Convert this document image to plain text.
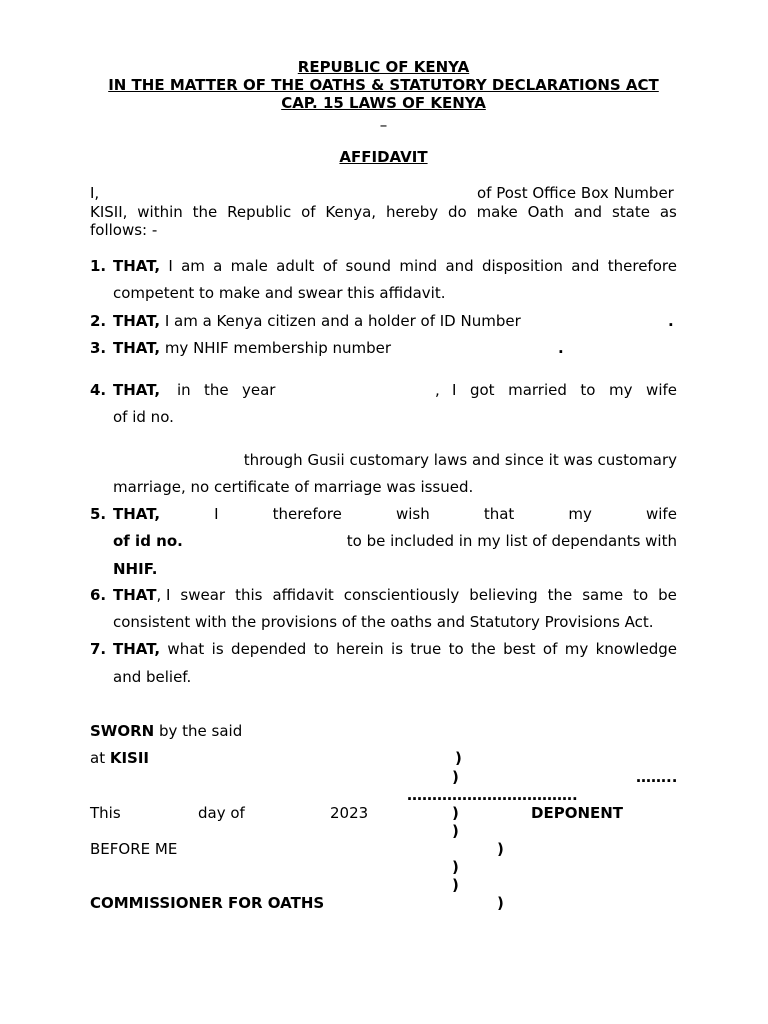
REPUBLIC OF KENYA
IN THE MATTER OF THE OATHS & STATUTORY DECLARATIONS ACT
CAP. 15 LAWS OF KENYA
–
AFFIDAVIT
I,	of Post Office Box Number
KISII, within the Republic of Kenya, hereby do make Oath and state as
follows: -
1. THAT, I am a male adult of sound mind and disposition and therefore
competent to make and swear this affidavit.
2. THAT, I am a Kenya citizen and a holder of ID Number	.
3. THAT, my NHIF membership number	.
4. THAT, in the year	, I got married to my wife
of id no.
through Gusii customary laws and since it was customary
marriage, no certificate of marriage was issued.
5. THAT,	I	therefore	wish	that	my	wife
of id no.	to be included in my list of dependants with
NHIF.
6. THAT, I swear this affidavit conscientiously believing the same to be
consistent with the provisions of the oaths and Statutory Provisions Act.
7. THAT, what is depended to herein is true to the best of my knowledge
and belief.
SWORN by the said
at KISII	)
)	……..
…………………………….
This	day of	2023	)	DEPONENT
)
BEFORE ME	)
)
)
COMMISSIONER FOR OATHS	)
